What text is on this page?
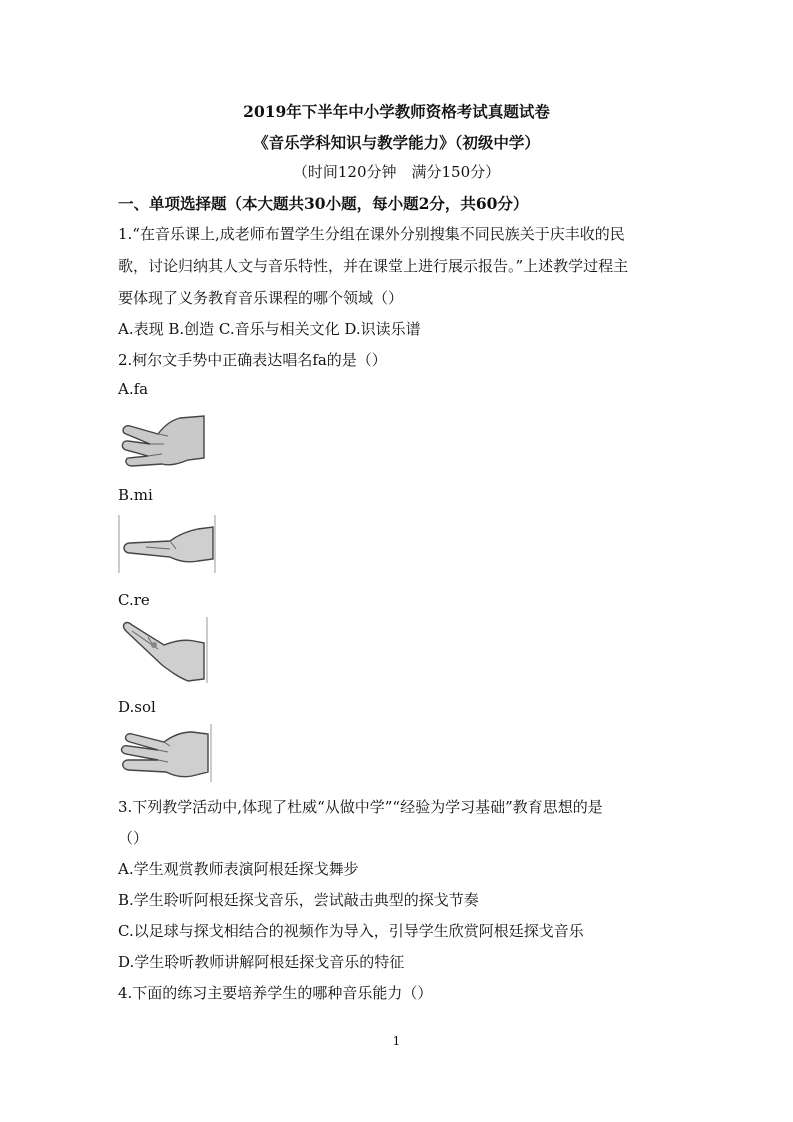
2019年下半年中小学教师资格考试真题试卷
《音乐学科知识与教学能力》（初级中学）
（时间120分钟　满分150分）
一、单项选择题（本大题共30小题，每小题2分，共60分）
1.“在音乐课上,成老师布置学生分组在课外分别搜集不同民族关于庆丰收的民
歌，讨论归纳其人文与音乐特性，并在课堂上进行展示报告。”上述教学过程主
要体现了义务教育音乐课程的哪个领域（）
A.表现 B.创造 C.音乐与相关文化 D.识读乐谱
2.柯尔文手势中正确表达唱名fa的是（）
A.fa
B.mi
C.re
D.sol
3.下列教学活动中,体现了杜威“从做中学”“经验为学习基础”教育思想的是
（）
A.学生观赏教师表演阿根廷探戈舞步
B.学生聆听阿根廷探戈音乐，尝试敲击典型的探戈节奏
C.以足球与探戈相结合的视频作为导入，引导学生欣赏阿根廷探戈音乐
D.学生聆听教师讲解阿根廷探戈音乐的特征
4.下面的练习主要培养学生的哪种音乐能力（）
1
